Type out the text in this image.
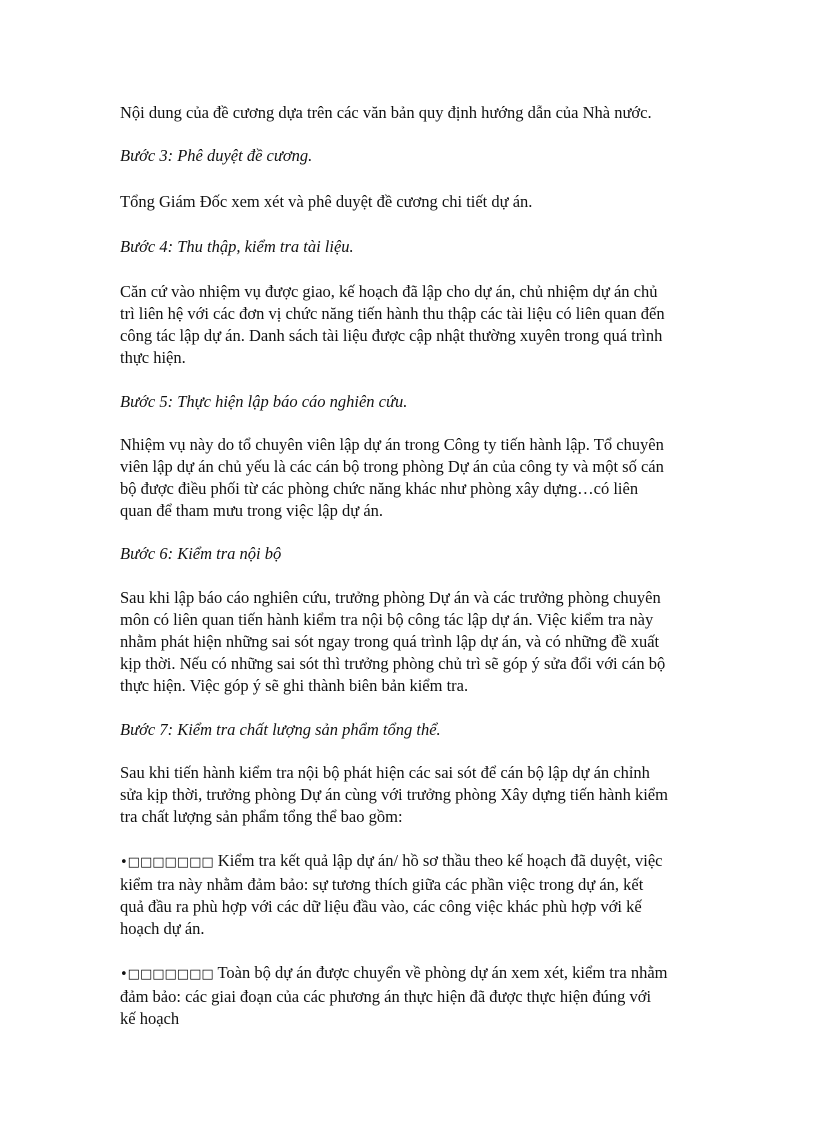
Nội dung của đề cương dựa trên các văn bản quy định hướng dẫn của Nhà nước.

Bước 3: Phê duyệt đề cương.

Tổng Giám Đốc xem xét và phê duyệt đề cương chi tiết dự án.

Bước 4: Thu thập, kiểm tra tài liệu.

Căn cứ vào nhiệm vụ được giao, kế hoạch đã lập cho dự án, chủ nhiệm dự án chủ
trì liên hệ với các đơn vị chức năng tiến hành thu thập các tài liệu có liên quan đến
công tác lập dự án. Danh sách tài liệu được cập nhật thường xuyên trong quá trình
thực hiện.

Bước 5: Thực hiện lập báo cáo nghiên cứu.

Nhiệm vụ này do tổ chuyên viên lập dự án trong Công ty tiến hành lập. Tổ chuyên
viên lập dự án chủ yếu là các cán bộ trong phòng Dự án của công ty và một số cán
bộ được điều phối từ các phòng chức năng khác như phòng xây dựng…có liên
quan để tham mưu trong việc lập dự án.

Bước 6: Kiểm tra nội bộ

Sau khi lập báo cáo nghiên cứu, trưởng phòng Dự án và các trưởng phòng chuyên
môn có liên quan tiến hành kiểm tra nội bộ công tác lập dự án. Việc kiểm tra này
nhằm phát hiện những sai sót ngay trong quá trình lập dự án, và có những đề xuất
kịp thời. Nếu có những sai sót thì trưởng phòng chủ trì sẽ góp ý sửa đổi với cán bộ
thực hiện. Việc góp ý sẽ ghi thành biên bản kiểm tra.

Bước 7: Kiểm tra chất lượng sản phẩm tổng thể.

Sau khi tiến hành kiểm tra nội bộ phát hiện các sai sót để cán bộ lập dự án chỉnh
sửa kịp thời, trưởng phòng Dự án cùng với trưởng phòng Xây dựng tiến hành kiểm
tra chất lượng sản phẩm tổng thể bao gồm:

•□□□□□□□ Kiểm tra kết quả lập dự án/ hồ sơ thầu theo kế hoạch đã duyệt, việc
kiểm tra này nhằm đảm bảo: sự tương thích giữa các phần việc trong dự án, kết
quả đầu ra phù hợp với các dữ liệu đầu vào, các công việc khác phù hợp với kế
hoạch dự án.

•□□□□□□□ Toàn bộ dự án được chuyển về phòng dự án xem xét, kiểm tra nhằm
đảm bảo: các giai đoạn của các phương án thực hiện đã được thực hiện đúng với
kế hoạch
